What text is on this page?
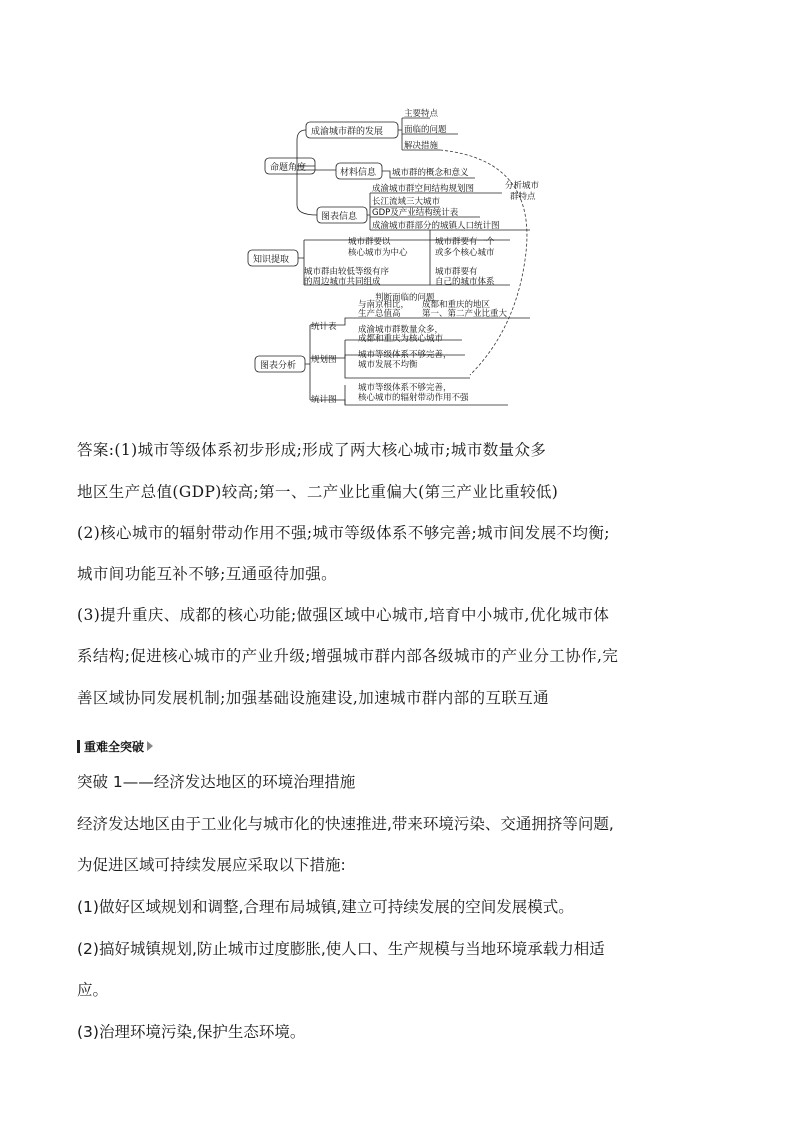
命题角度
知识提取
图表分析
成渝城市群的发展
材料信息
图表信息
主要特点
面临的问题
解决措施
城市群的概念和意义
成渝城市群空间结构规划图
长江流域三大城市
GDP及产业结构统计表
成渝城市群部分的城镇人口统计图
分析城市
群特点
城市群要以
核心城市为中心
城市群要有一个
或多个核心城市
城市群由较低等级有序
的周边城市共同组成
城市群要有
自己的城市体系
判断面临的问题
统计表
规划图
统计图
与南京相比，
生产总值高
成都和重庆的地区
第一、第二产业比重大
成渝城市群数量众多，
成都和重庆为核心城市
城市等级体系不够完善，
城市发展不均衡
城市等级体系不够完善，
核心城市的辐射带动作用不强
答案:(1)城市等级体系初步形成;形成了两大核心城市;城市数量众多
地区生产总值(GDP)较高;第一、二产业比重偏大(第三产业比重较低)
(2)核心城市的辐射带动作用不强;城市等级体系不够完善;城市间发展不均衡;
城市间功能互补不够;互通亟待加强。
(3)提升重庆、成都的核心功能;做强区域中心城市,培育中小城市,优化城市体
系结构;促进核心城市的产业升级;增强城市群内部各级城市的产业分工协作,完
善区域协同发展机制;加强基础设施建设,加速城市群内部的互联互通
重难全突破
突破 1——经济发达地区的环境治理措施
经济发达地区由于工业化与城市化的快速推进,带来环境污染、交通拥挤等问题,
为促进区域可持续发展应采取以下措施:
(1)做好区域规划和调整,合理布局城镇,建立可持续发展的空间发展模式。
(2)搞好城镇规划,防止城市过度膨胀,使人口、生产规模与当地环境承载力相适
应。
(3)治理环境污染,保护生态环境。
